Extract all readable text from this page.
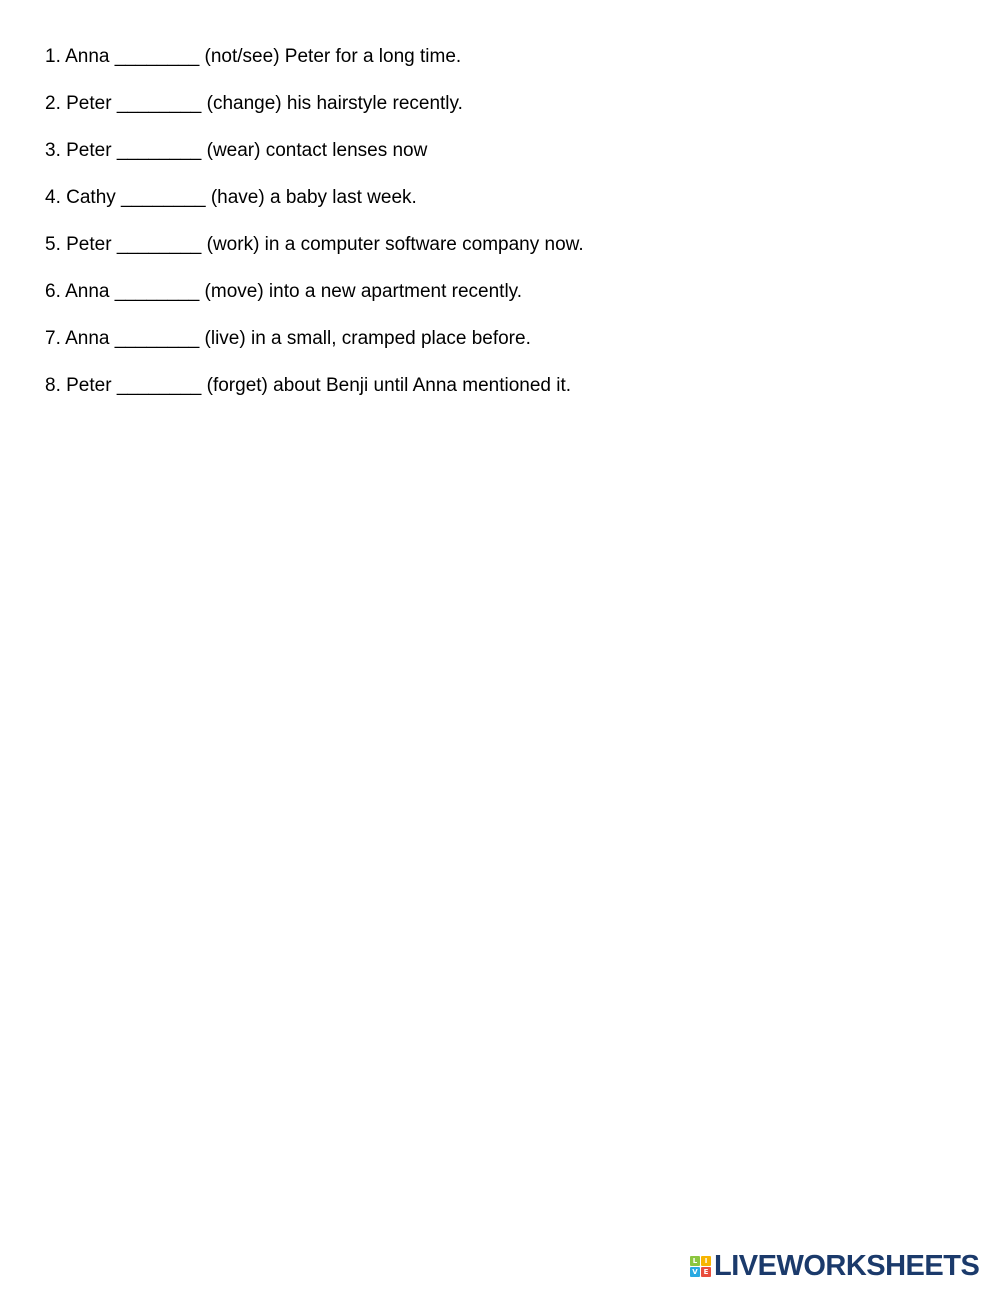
1. Anna ________ (not/see) Peter for a long time.
2. Peter ________ (change) his hairstyle recently.
3. Peter ________ (wear) contact lenses now
4. Cathy ________ (have) a baby last week.
5. Peter ________ (work) in a computer software company now.
6. Anna ________ (move) into a new apartment recently.
7. Anna ________ (live) in a small, cramped place before.
8. Peter ________ (forget) about Benji until Anna mentioned it.
L	I
V E LIVEWORKSHEETS
